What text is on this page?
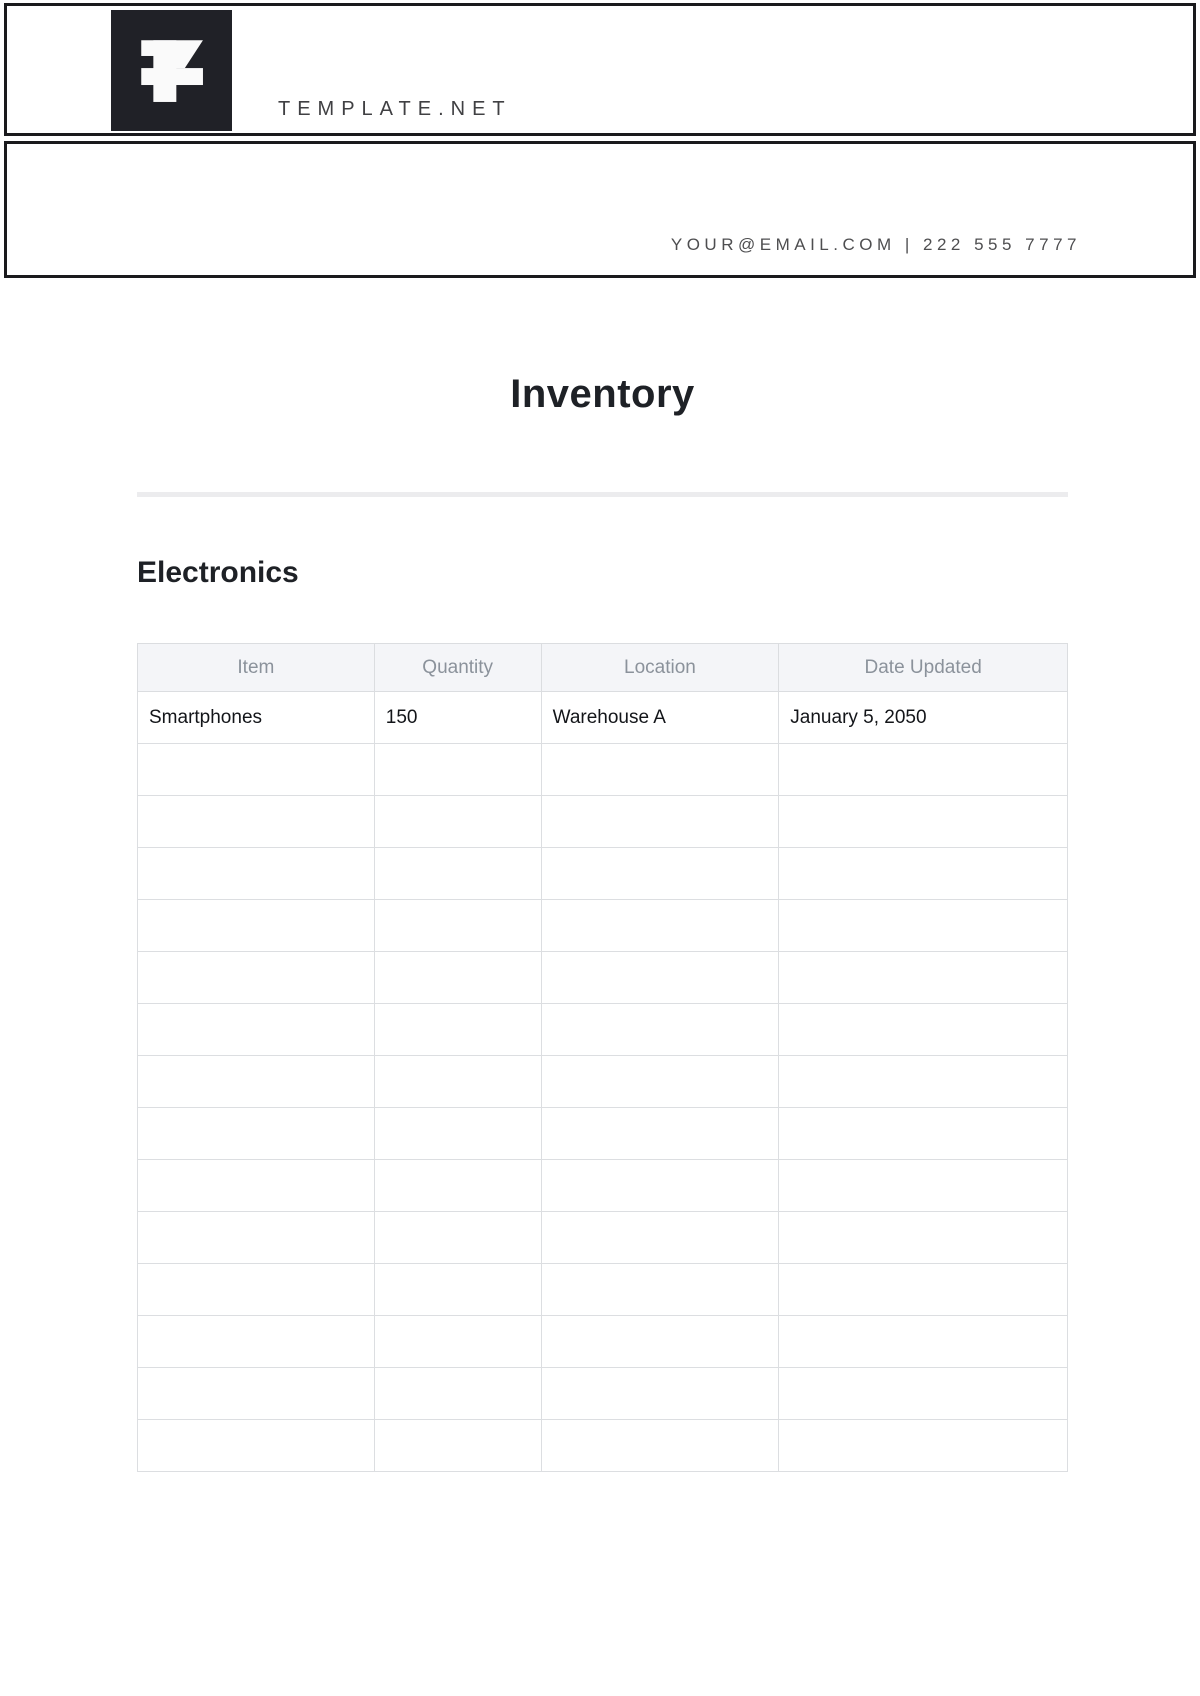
TEMPLATE.NET
YOUR@EMAIL.COM | 222 555 7777
Inventory
Electronics
Item	Quantity	Location	Date Updated
Smartphones	150	Warehouse A	January 5, 2050
